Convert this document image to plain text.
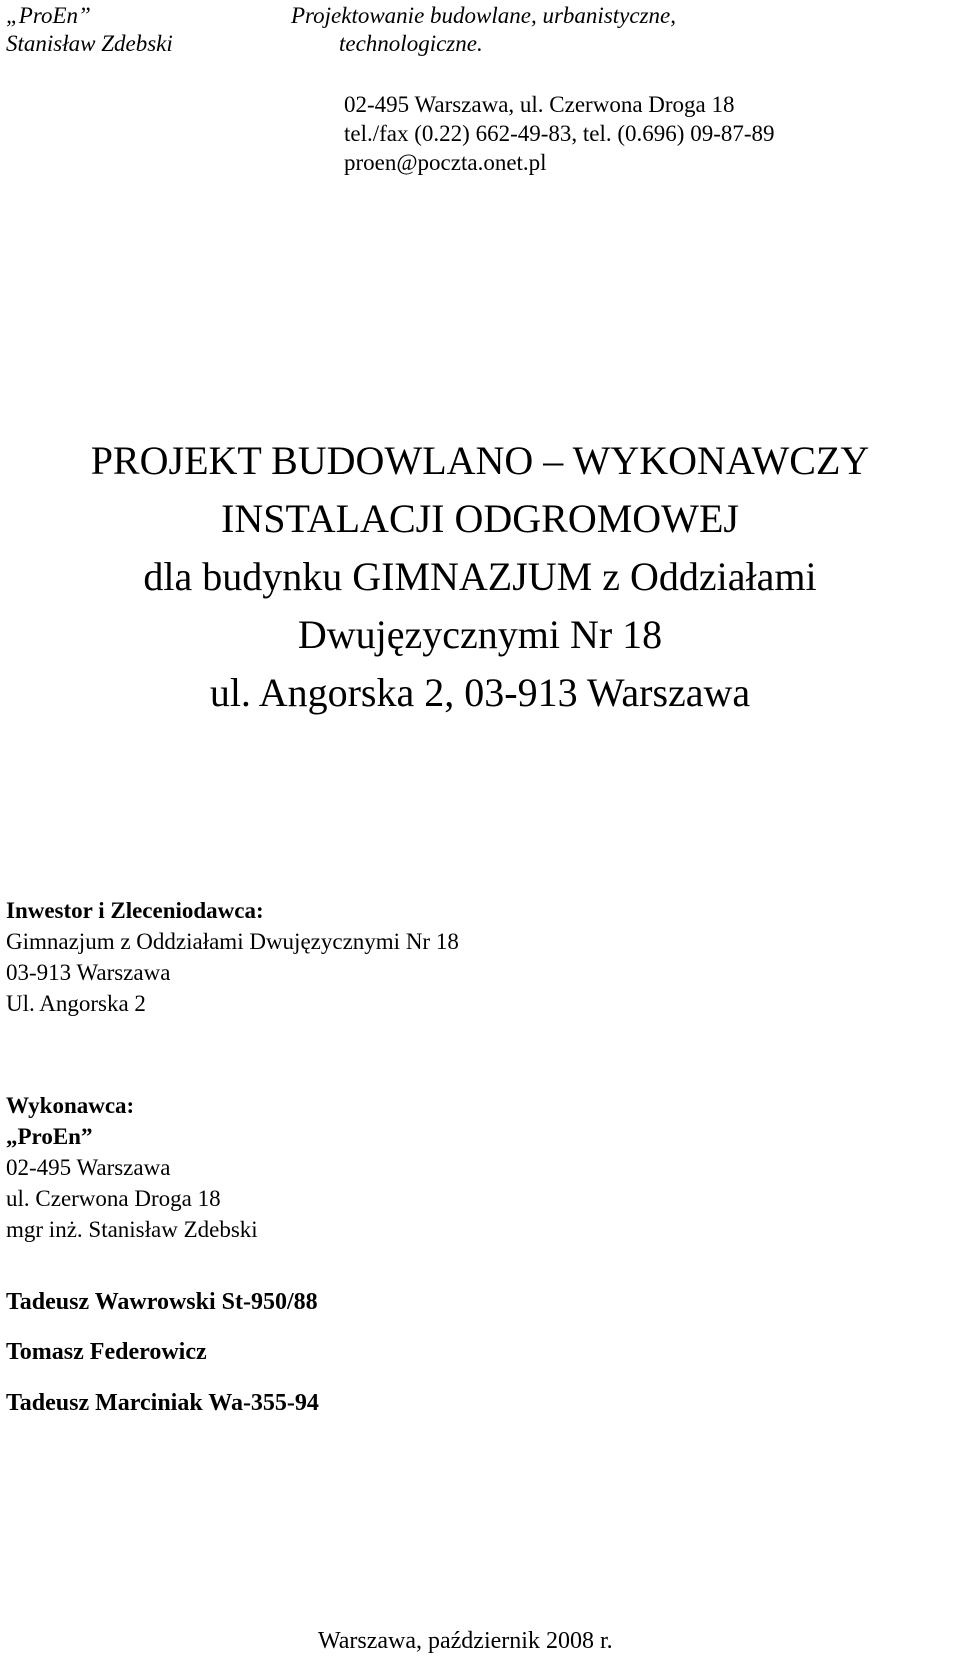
„ProEn”
Stanisław Zdebski
Projektowanie budowlane, urbanistyczne,
technologiczne.
02-495 Warszawa, ul. Czerwona Droga 18
tel./fax (0.22) 662-49-83, tel. (0.696) 09-87-89
proen@poczta.onet.pl
PROJEKT BUDOWLANO – WYKONAWCZY
INSTALACJI ODGROMOWEJ
dla budynku GIMNAZJUM z Oddziałami
Dwujęzycznymi Nr 18
ul. Angorska 2, 03-913 Warszawa
Inwestor i Zleceniodawca:
Gimnazjum z Oddziałami Dwujęzycznymi Nr 18
03-913 Warszawa
Ul. Angorska 2
Wykonawca:
„ProEn”
02-495 Warszawa
ul. Czerwona Droga 18
mgr inż. Stanisław Zdebski
Tadeusz Wawrowski St-950/88
Tomasz Federowicz
Tadeusz Marciniak Wa-355-94
Warszawa, październik 2008 r.
